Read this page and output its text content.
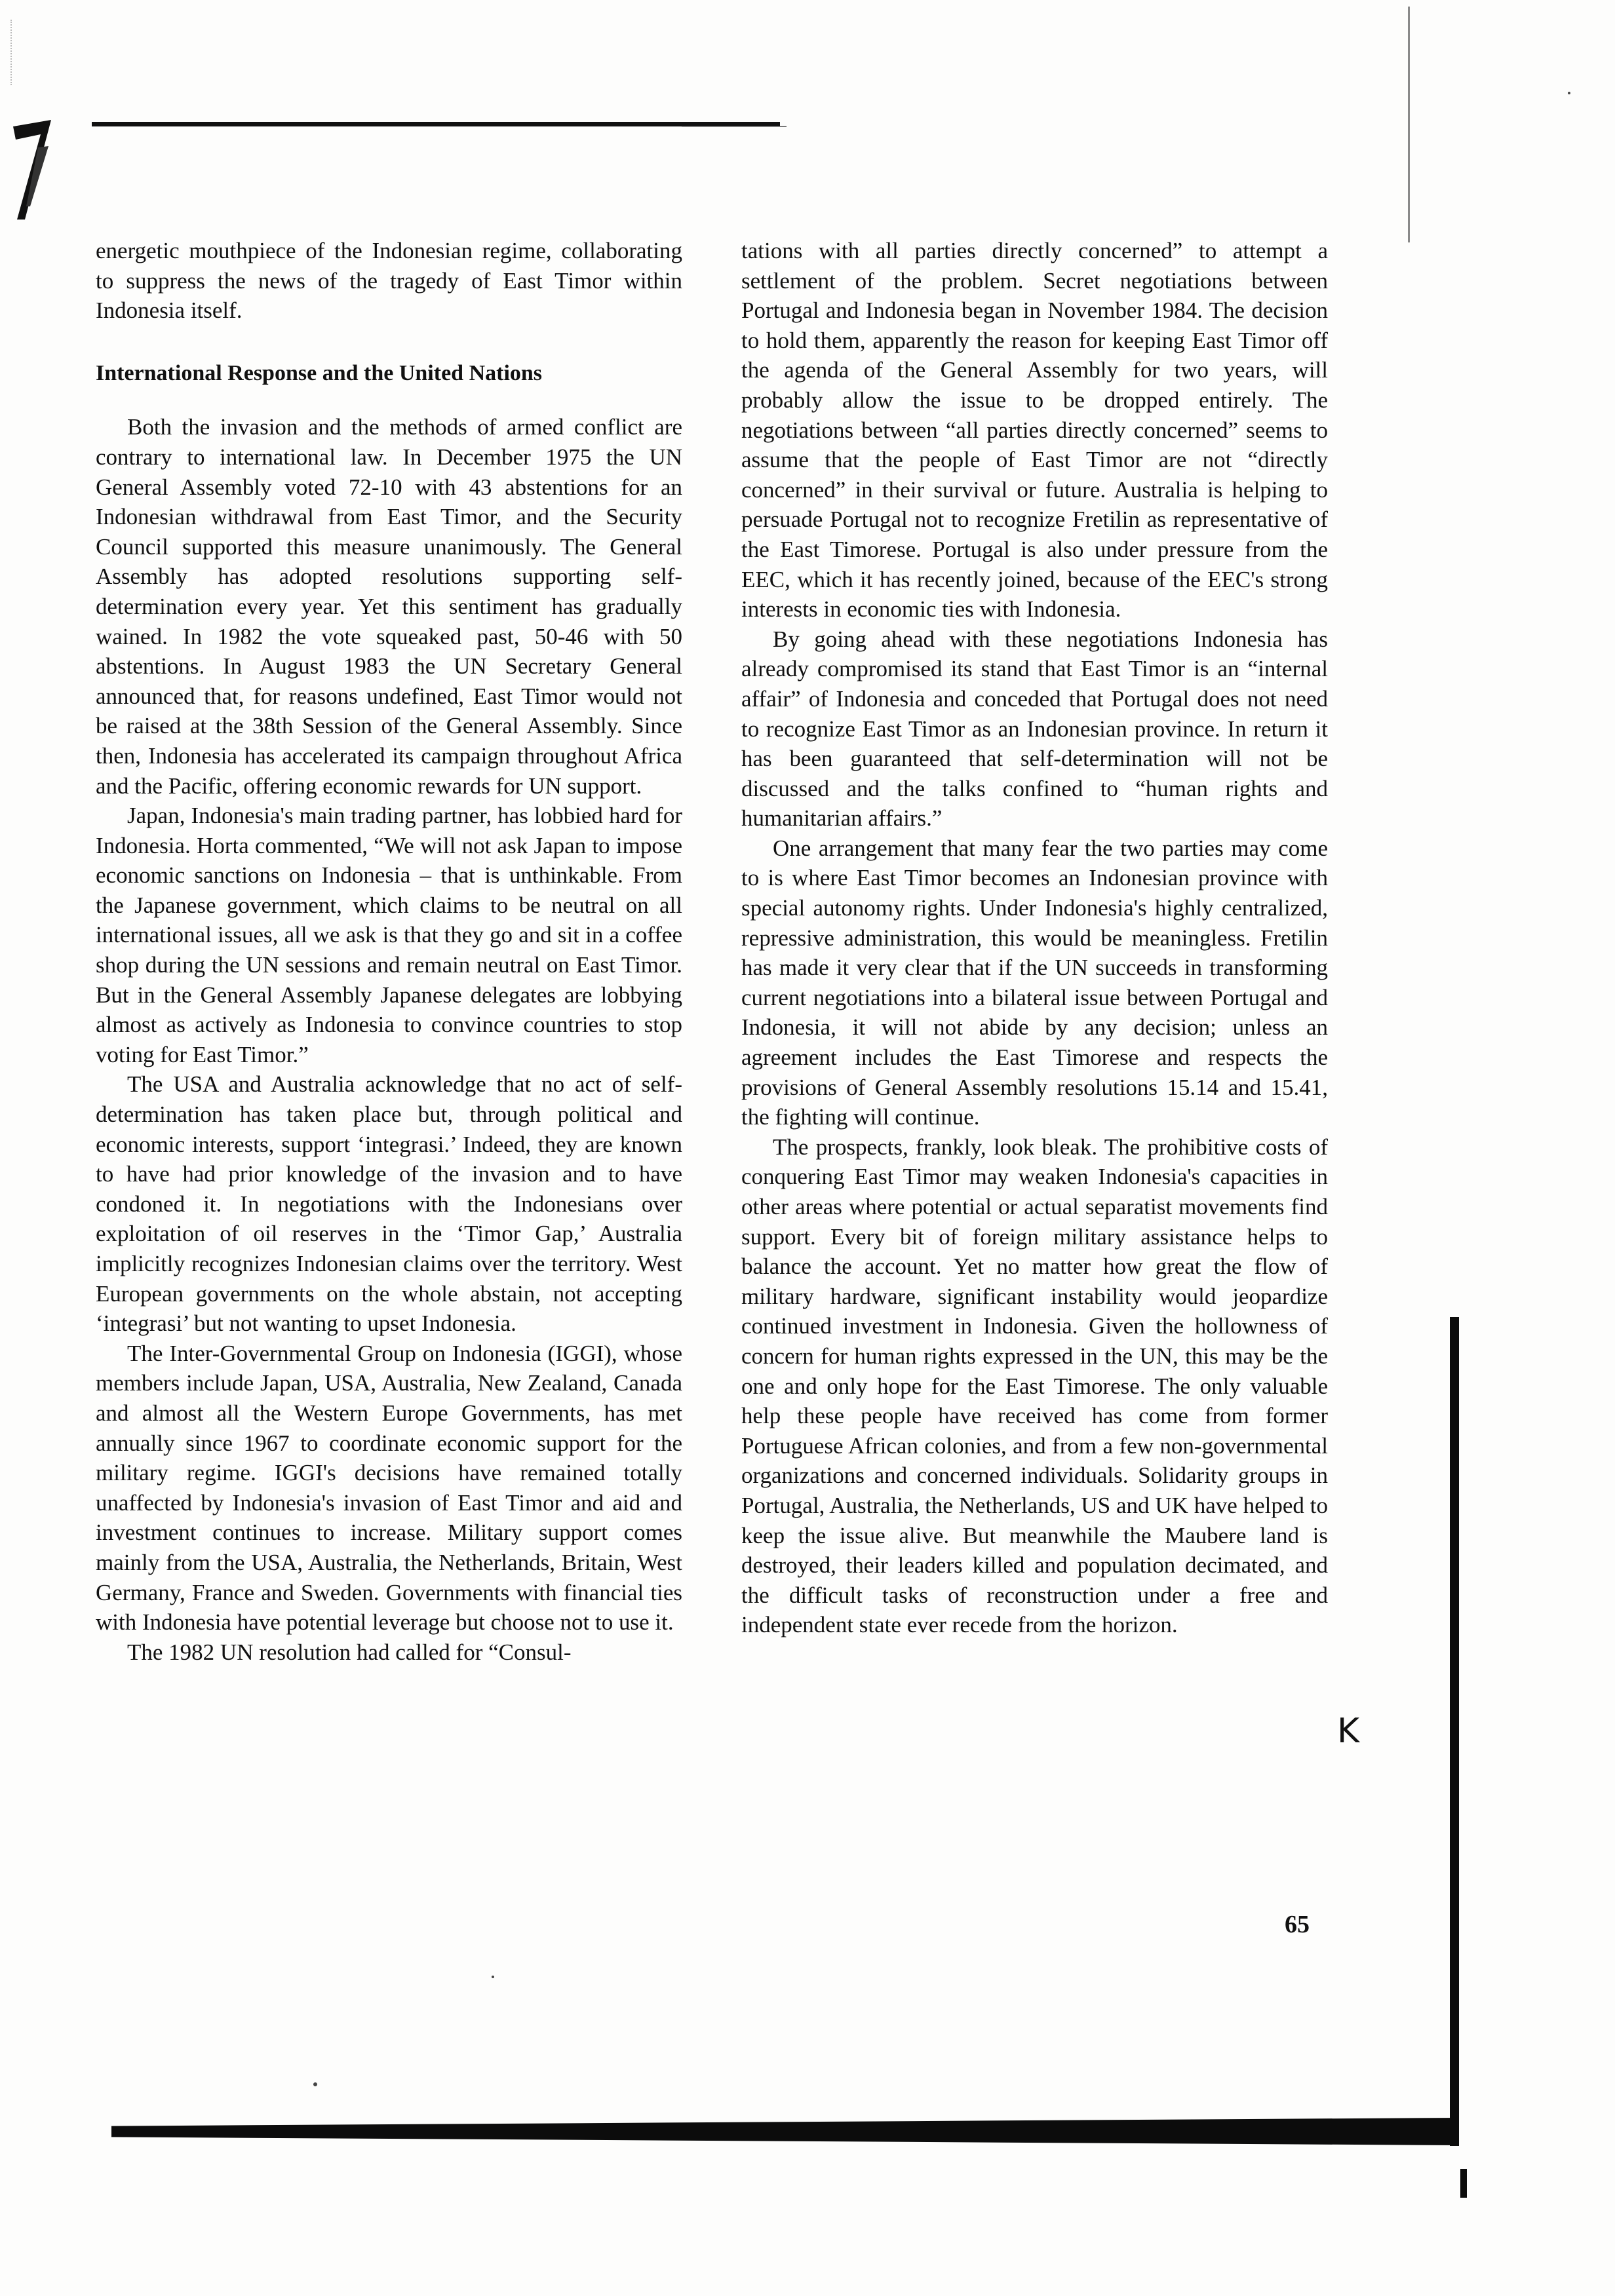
energetic mouthpiece of the Indonesian regime, collaborating to suppress the news of the tragedy of East Timor within Indonesia itself.

International Response and the United Nations

Both the invasion and the methods of armed conflict are contrary to international law. In December 1975 the UN General Assembly voted 72-10 with 43 abstentions for an Indonesian withdrawal from East Timor, and the Security Council supported this measure unanimously. The General Assembly has adopted resolutions supporting self-determination every year. Yet this sentiment has gradually wained. In 1982 the vote squeaked past, 50-46 with 50 abstentions. In August 1983 the UN Secretary General announced that, for reasons undefined, East Timor would not be raised at the 38th Session of the General Assembly. Since then, Indonesia has accelerated its campaign throughout Africa and the Pacific, offering economic rewards for UN support.

Japan, Indonesia's main trading partner, has lobbied hard for Indonesia. Horta commented, “We will not ask Japan to impose economic sanctions on Indonesia – that is unthinkable. From the Japanese government, which claims to be neutral on all international issues, all we ask is that they go and sit in a coffee shop during the UN sessions and remain neutral on East Timor. But in the General Assembly Japanese delegates are lobbying almost as actively as Indonesia to convince countries to stop voting for East Timor.”

The USA and Australia acknowledge that no act of self-determination has taken place but, through political and economic interests, support ‘integrasi.’ Indeed, they are known to have had prior knowledge of the invasion and to have condoned it. In negotiations with the Indonesians over exploitation of oil reserves in the ‘Timor Gap,’ Australia implicitly recognizes Indonesian claims over the territory. West European governments on the whole abstain, not accepting ‘integrasi’ but not wanting to upset Indonesia.

The Inter-Governmental Group on Indonesia (IGGI), whose members include Japan, USA, Australia, New Zealand, Canada and almost all the Western Europe Governments, has met annually since 1967 to coordinate economic support for the military regime. IGGI's decisions have remained totally unaffected by Indonesia's invasion of East Timor and aid and investment continues to increase. Military support comes mainly from the USA, Australia, the Netherlands, Britain, West Germany, France and Sweden. Governments with financial ties with Indonesia have potential leverage but choose not to use it.

The 1982 UN resolution had called for “Consul-

tations with all parties directly concerned” to attempt a settlement of the problem. Secret negotiations between Portugal and Indonesia began in November 1984. The decision to hold them, apparently the reason for keeping East Timor off the agenda of the General Assembly for two years, will probably allow the issue to be dropped entirely. The negotiations between “all parties directly concerned” seems to assume that the people of East Timor are not “directly concerned” in their survival or future. Australia is helping to persuade Portugal not to recognize Fretilin as representative of the East Timorese. Portugal is also under pressure from the EEC, which it has recently joined, because of the EEC's strong interests in economic ties with Indonesia.

By going ahead with these negotiations Indonesia has already compromised its stand that East Timor is an “internal affair” of Indonesia and conceded that Portugal does not need to recognize East Timor as an Indonesian province. In return it has been guaranteed that self-determination will not be discussed and the talks confined to “human rights and humanitarian affairs.”

One arrangement that many fear the two parties may come to is where East Timor becomes an Indonesian province with special autonomy rights. Under Indonesia's highly centralized, repressive administration, this would be meaningless. Fretilin has made it very clear that if the UN succeeds in transforming current negotiations into a bilateral issue between Portugal and Indonesia, it will not abide by any decision; unless an agreement includes the East Timorese and respects the provisions of General Assembly resolutions 15.14 and 15.41, the fighting will continue.

The prospects, frankly, look bleak. The prohibitive costs of conquering East Timor may weaken Indonesia's capacities in other areas where potential or actual separatist movements find support. Every bit of foreign military assistance helps to balance the account. Yet no matter how great the flow of military hardware, significant instability would jeopardize continued investment in Indonesia. Given the hollowness of concern for human rights expressed in the UN, this may be the one and only hope for the East Timorese. The only valuable help these people have received has come from former Portuguese African colonies, and from a few non-governmental organizations and concerned individuals. Solidarity groups in Portugal, Australia, the Netherlands, US and UK have helped to keep the issue alive. But meanwhile the Maubere land is destroyed, their leaders killed and population decimated, and the difficult tasks of reconstruction under a free and independent state ever recede from the horizon.

K
65
